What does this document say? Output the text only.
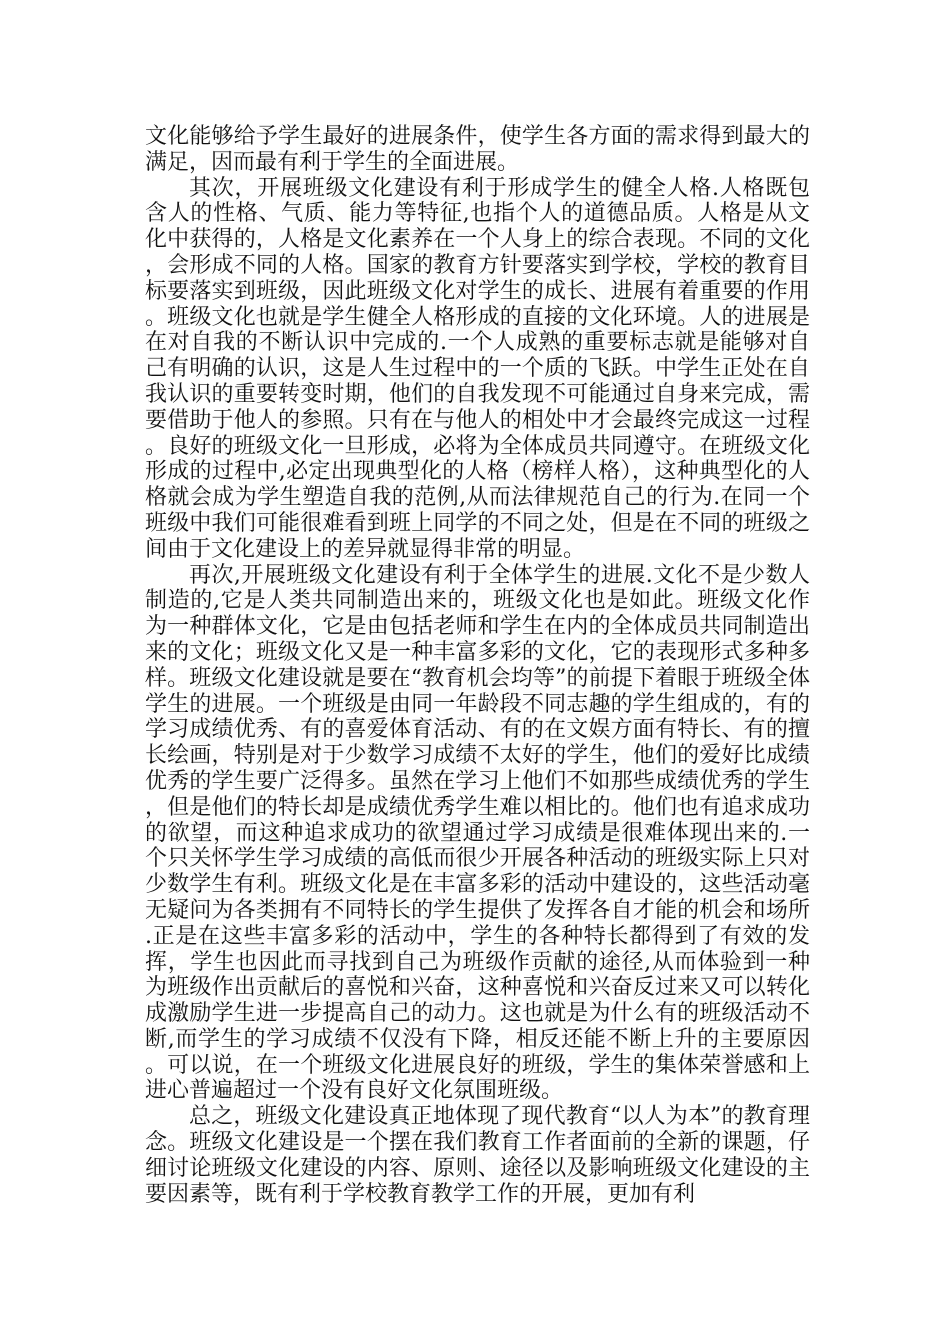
文化能够给予学生最好的进展条件，使学生各方面的需求得到最大的满足，因而最有利于学生的全面进展。

其次，开展班级文化建设有利于形成学生的健全人格.人格既包含人的性格、气质、能力等特征,也指个人的道德品质。人格是从文化中获得的，人格是文化素养在一个人身上的综合表现。不同的文化，会形成不同的人格。国家的教育方针要落实到学校，学校的教育目标要落实到班级，因此班级文化对学生的成长、进展有着重要的作用。班级文化也就是学生健全人格形成的直接的文化环境。人的进展是在对自我的不断认识中完成的.一个人成熟的重要标志就是能够对自己有明确的认识，这是人生过程中的一个质的飞跃。中学生正处在自我认识的重要转变时期，他们的自我发现不可能通过自身来完成，需要借助于他人的参照。只有在与他人的相处中才会最终完成这一过程。良好的班级文化一旦形成，必将为全体成员共同遵守。在班级文化形成的过程中,必定出现典型化的人格（榜样人格），这种典型化的人格就会成为学生塑造自我的范例,从而法律规范自己的行为.在同一个班级中我们可能很难看到班上同学的不同之处，但是在不同的班级之间由于文化建设上的差异就显得非常的明显。

再次,开展班级文化建设有利于全体学生的进展.文化不是少数人制造的,它是人类共同制造出来的，班级文化也是如此。班级文化作为一种群体文化，它是由包括老师和学生在内的全体成员共同制造出来的文化；班级文化又是一种丰富多彩的文化，它的表现形式多种多样。班级文化建设就是要在“教育机会均等”的前提下着眼于班级全体学生的进展。一个班级是由同一年龄段不同志趣的学生组成的，有的学习成绩优秀、有的喜爱体育活动、有的在文娱方面有特长、有的擅长绘画，特别是对于少数学习成绩不太好的学生，他们的爱好比成绩优秀的学生要广泛得多。虽然在学习上他们不如那些成绩优秀的学生，但是他们的特长却是成绩优秀学生难以相比的。他们也有追求成功的欲望，而这种追求成功的欲望通过学习成绩是很难体现出来的.一个只关怀学生学习成绩的高低而很少开展各种活动的班级实际上只对少数学生有利。班级文化是在丰富多彩的活动中建设的，这些活动毫无疑问为各类拥有不同特长的学生提供了发挥各自才能的机会和场所.正是在这些丰富多彩的活动中，学生的各种特长都得到了有效的发挥，学生也因此而寻找到自己为班级作贡献的途径,从而体验到一种为班级作出贡献后的喜悦和兴奋，这种喜悦和兴奋反过来又可以转化成激励学生进一步提高自己的动力。这也就是为什么有的班级活动不断,而学生的学习成绩不仅没有下降，相反还能不断上升的主要原因。可以说，在一个班级文化进展良好的班级，学生的集体荣誉感和上进心普遍超过一个没有良好文化氛围班级。

总之，班级文化建设真正地体现了现代教育“以人为本”的教育理念。班级文化建设是一个摆在我们教育工作者面前的全新的课题，仔细讨论班级文化建设的内容、原则、途径以及影响班级文化建设的主要因素等，既有利于学校教育教学工作的开展，更加有利
